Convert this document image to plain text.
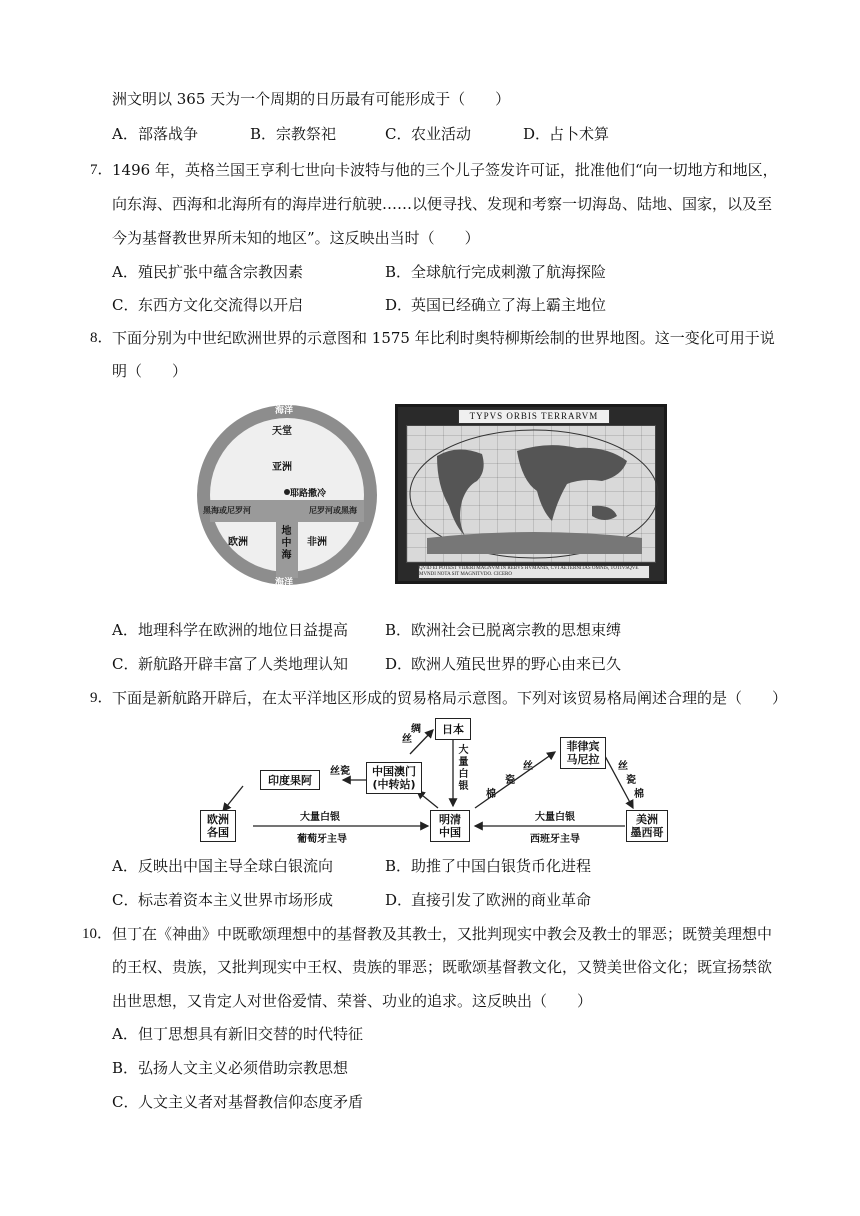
洲文明以 365 天为一个周期的日历最有可能形成于（　　）
A．部落战争	B．宗教祭祀	C．农业活动	D．占卜术算
7． 1496 年，英格兰国王亨利七世向卡波特与他的三个儿子签发许可证，批准他们“向一切地方和地区，
向东海、西海和北海所有的海岸进行航驶……以便寻找、发现和考察一切海岛、陆地、国家，以及至
今为基督教世界所未知的地区”。这反映出当时（　　）
A．殖民扩张中蕴含宗教因素	B．全球航行完成刺激了航海探险
C．东西方文化交流得以开启	D．英国已经确立了海上霸主地位
8． 下面分别为中世纪欧洲世界的示意图和 1575 年比利时奥特柳斯绘制的世界地图。这一变化可用于说
明（　　）
海洋
天堂
亚洲
耶路撒冷
黑海或尼罗河	尼罗河或黑海
地中海
欧洲	非洲
海洋
TYPVS ORBIS TERRARVM
QVID EI POTEST VIDERI MAGNVM IN REBVS HVMANIS, CVI AETERNITAS OMNIS, TOTIVSQVE MVNDI NOTA SIT MAGNITVDO. CICERO
A．地理科学在欧洲的地位日益提高 B．欧洲社会已脱离宗教的思想束缚
C．新航路开辟丰富了人类地理认知 D．欧洲人殖民世界的野心由来已久
9． 下面是新航路开辟后，在太平洋地区形成的贸易格局示意图。下列对该贸易格局阐述合理的是（　　）
日本
中国澳门
(中转站)
印度果阿
欧洲
各国
明清
中国
菲律宾
马尼拉
美洲
墨西哥
丝
绸
大量白银
丝瓷
大量白银
葡萄牙主导
大量白银
西班牙主导
丝
瓷
棉
丝
瓷
棉
A．反映出中国主导全球白银流向	B．助推了中国白银货币化进程
C．标志着资本主义世界市场形成	D．直接引发了欧洲的商业革命
10． 但丁在《神曲》中既歌颂理想中的基督教及其教士，又批判现实中教会及教士的罪恶；既赞美理想中
的王权、贵族，又批判现实中王权、贵族的罪恶；既歌颂基督教文化，又赞美世俗文化；既宣扬禁欲
出世思想，又肯定人对世俗爱情、荣誉、功业的追求。这反映出（　　）
A．但丁思想具有新旧交替的时代特征
B．弘扬人文主义必须借助宗教思想
C．人文主义者对基督教信仰态度矛盾
